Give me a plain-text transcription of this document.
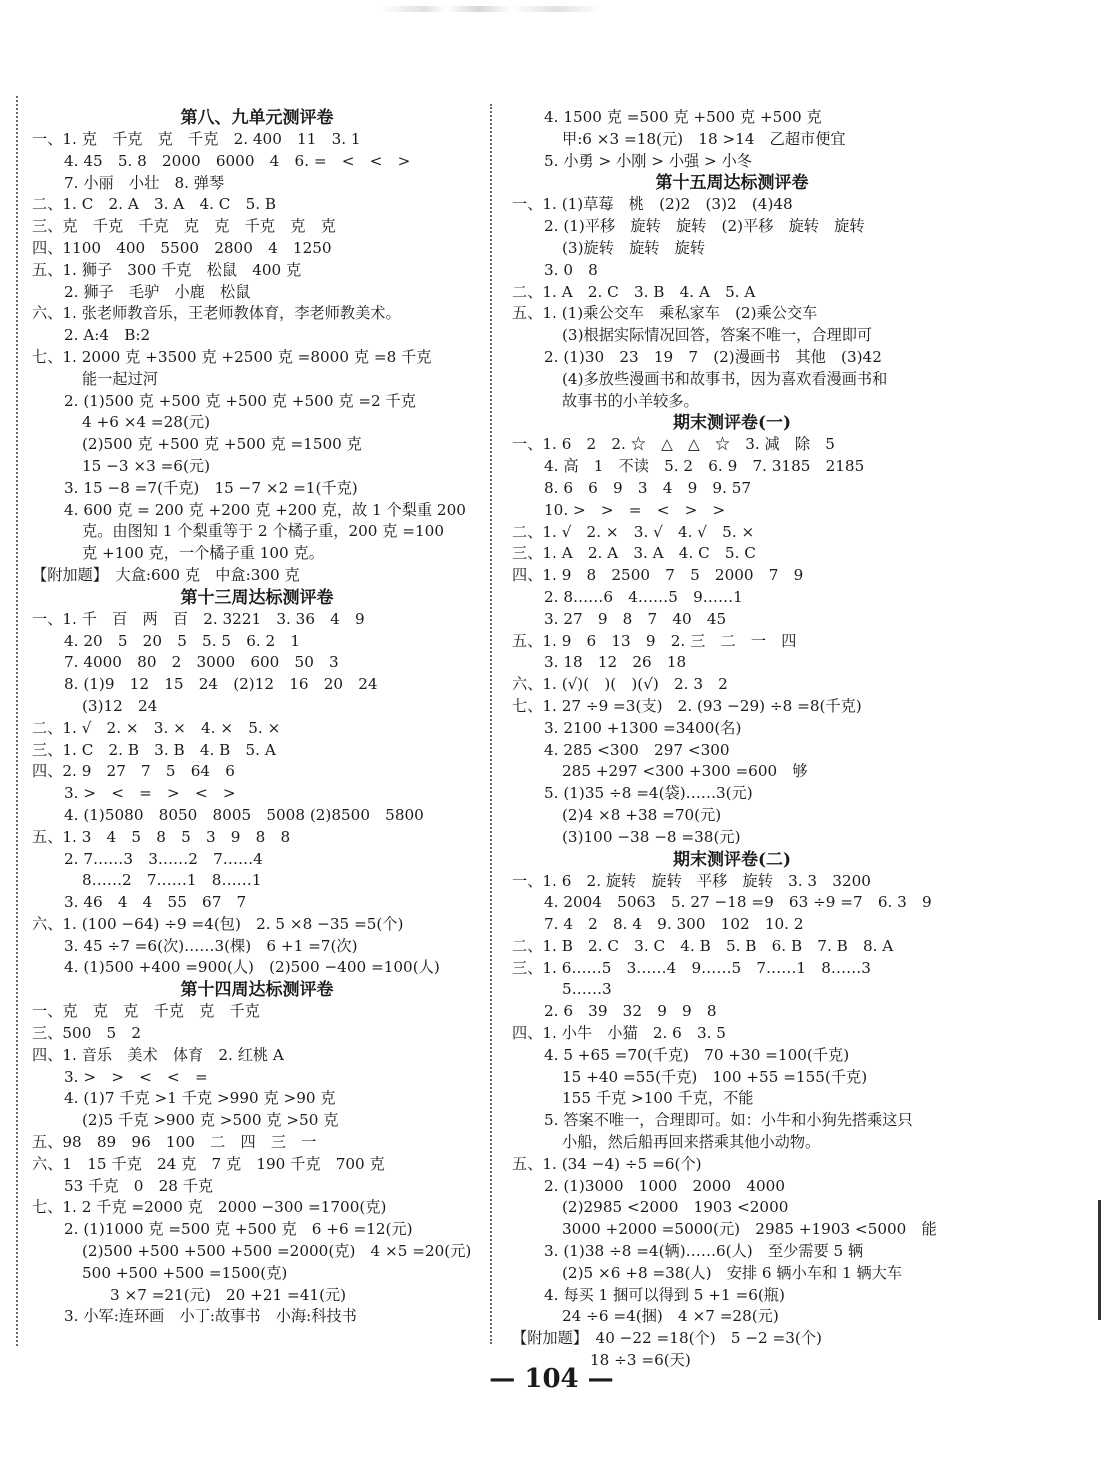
第八、九单元测评卷
一、1. 克　千克　克　千克　2. 400　11　3. 1
4. 45　5. 8　2000　6000　4　6. =　<　<　>
7. 小丽　小壮　8. 弹琴
二、1. C　2. A　3. A　4. C　5. B
三、克　千克　千克　克　克　千克　克　克
四、1100　400　5500　2800　4　1250
五、1. 狮子　300 千克　松鼠　400 克
2. 狮子　毛驴　小鹿　松鼠
六、1. 张老师教音乐，王老师教体育，李老师教美术。
2. A:4　B:2
七、1. 2000 克 +3500 克 +2500 克 =8000 克 =8 千克
能一起过河
2. (1)500 克 +500 克 +500 克 +500 克 =2 千克
4 +6 ×4 =28(元)
(2)500 克 +500 克 +500 克 =1500 克
15 −3 ×3 =6(元)
3. 15 −8 =7(千克)　15 −7 ×2 =1(千克)
4. 600 克 = 200 克 +200 克 +200 克，故 1 个梨重 200
克。由图知 1 个梨重等于 2 个橘子重，200 克 =100
克 +100 克，一个橘子重 100 克。
【附加题】　大盒:600 克　中盒:300 克
第十三周达标测评卷
一、1. 千　百　两　百　2. 3221　3. 36　4　9
4. 20　5　20　5　5. 5　6. 2　1
7. 4000　80　2　3000　600　50　3
8. (1)9　12　15　24　(2)12　16　20　24
(3)12　24
二、1. √　2. ×　3. ×　4. ×　5. ×
三、1. C　2. B　3. B　4. B　5. A
四、2. 9　27　7　5　64　6
3. >　<　=　>　<　>
4. (1)5080　8050　8005　5008 (2)8500　5800
五、1. 3　4　5　8　5　3　9　8　8
2. 7……3　3……2　7……4
8……2　7……1　8……1
3. 46　4　4　55　67　7
六、1. (100 −64) ÷9 =4(包)　2. 5 ×8 −35 =5(个)
3. 45 ÷7 =6(次)……3(棵)　6 +1 =7(次)
4. (1)500 +400 =900(人)　(2)500 −400 =100(人)
第十四周达标测评卷
一、克　克　克　千克　克　千克
三、500　5　2
四、1. 音乐　美术　体育　2. 红桃 A
3. >　>　<　<　=
4. (1)7 千克 >1 千克 >990 克 >90 克
(2)5 千克 >900 克 >500 克 >50 克
五、98　89　96　100　二　四　三　一
六、1　15 千克　24 克　7 克　190 千克　700 克
53 千克　0　28 千克
七、1. 2 千克 =2000 克　2000 −300 =1700(克)
2. (1)1000 克 =500 克 +500 克　6 +6 =12(元)
(2)500 +500 +500 +500 =2000(克)　4 ×5 =20(元)
500 +500 +500 =1500(克)
3 ×7 =21(元)　20 +21 =41(元)
3. 小军:连环画　小丁:故事书　小海:科技书
4. 1500 克 =500 克 +500 克 +500 克
甲:6 ×3 =18(元)　18 >14　乙超市便宜
5. 小勇 > 小刚 > 小强 > 小冬
第十五周达标测评卷
一、1. (1)草莓　桃　(2)2　(3)2　(4)48
2. (1)平移　旋转　旋转　(2)平移　旋转　旋转
(3)旋转　旋转　旋转
3. 0　8
二、1. A　2. C　3. B　4. A　5. A
五、1. (1)乘公交车　乘私家车　(2)乘公交车
(3)根据实际情况回答，答案不唯一，合理即可
2. (1)30　23　19　7　(2)漫画书　其他　(3)42
(4)多放些漫画书和故事书，因为喜欢看漫画书和
故事书的小羊较多。
期末测评卷(一)
一、1. 6　2　2. ☆　△　△　☆　3. 减　除　5
4. 高　1　不读　5. 2　6. 9　7. 3185　2185
8. 6　6　9　3　4　9　9. 57
10. >　>　=　<　>　>
二、1. √　2. ×　3. √　4. √　5. ×
三、1. A　2. A　3. A　4. C　5. C
四、1. 9　8　2500　7　5　2000　7　9
2. 8……6　4……5　9……1
3. 27　9　8　7　40　45
五、1. 9　6　13　9　2. 三　二　一　四
3. 18　12　26　18
六、1. (√)(　)(　)(√)　2. 3　2
七、1. 27 ÷9 =3(支)　2. (93 −29) ÷8 =8(千克)
3. 2100 +1300 =3400(名)
4. 285 <300　297 <300
285 +297 <300 +300 =600　够
5. (1)35 ÷8 =4(袋)……3(元)
(2)4 ×8 +38 =70(元)
(3)100 −38 −8 =38(元)
期末测评卷(二)
一、1. 6　2. 旋转　旋转　平移　旋转　3. 3　3200
4. 2004　5063　5. 27 −18 =9　63 ÷9 =7　6. 3　9
7. 4　2　8. 4　9. 300　102　10. 2
二、1. B　2. C　3. C　4. B　5. B　6. B　7. B　8. A
三、1. 6……5　3……4　9……5　7……1　8……3
5……3
2. 6　39　32　9　9　8
四、1. 小牛　小猫　2. 6　3. 5
4. 5 +65 =70(千克)　70 +30 =100(千克)
15 +40 =55(千克)　100 +55 =155(千克)
155 千克 >100 千克，不能
5. 答案不唯一，合理即可。如：小牛和小狗先搭乘这只
小船，然后船再回来搭乘其他小动物。
五、1. (34 −4) ÷5 =6(个)
2. (1)3000　1000　2000　4000
(2)2985 <2000　1903 <2000
3000 +2000 =5000(元)　2985 +1903 <5000　能
3. (1)38 ÷8 =4(辆)……6(人)　至少需要 5 辆
(2)5 ×6 +8 =38(人)　安排 6 辆小车和 1 辆大车
4. 每买 1 捆可以得到 5 +1 =6(瓶)
24 ÷6 =4(捆)　4 ×7 =28(元)
【附加题】　40 −22 =18(个)　5 −2 =3(个)
18 ÷3 =6(天)
— 104 —
